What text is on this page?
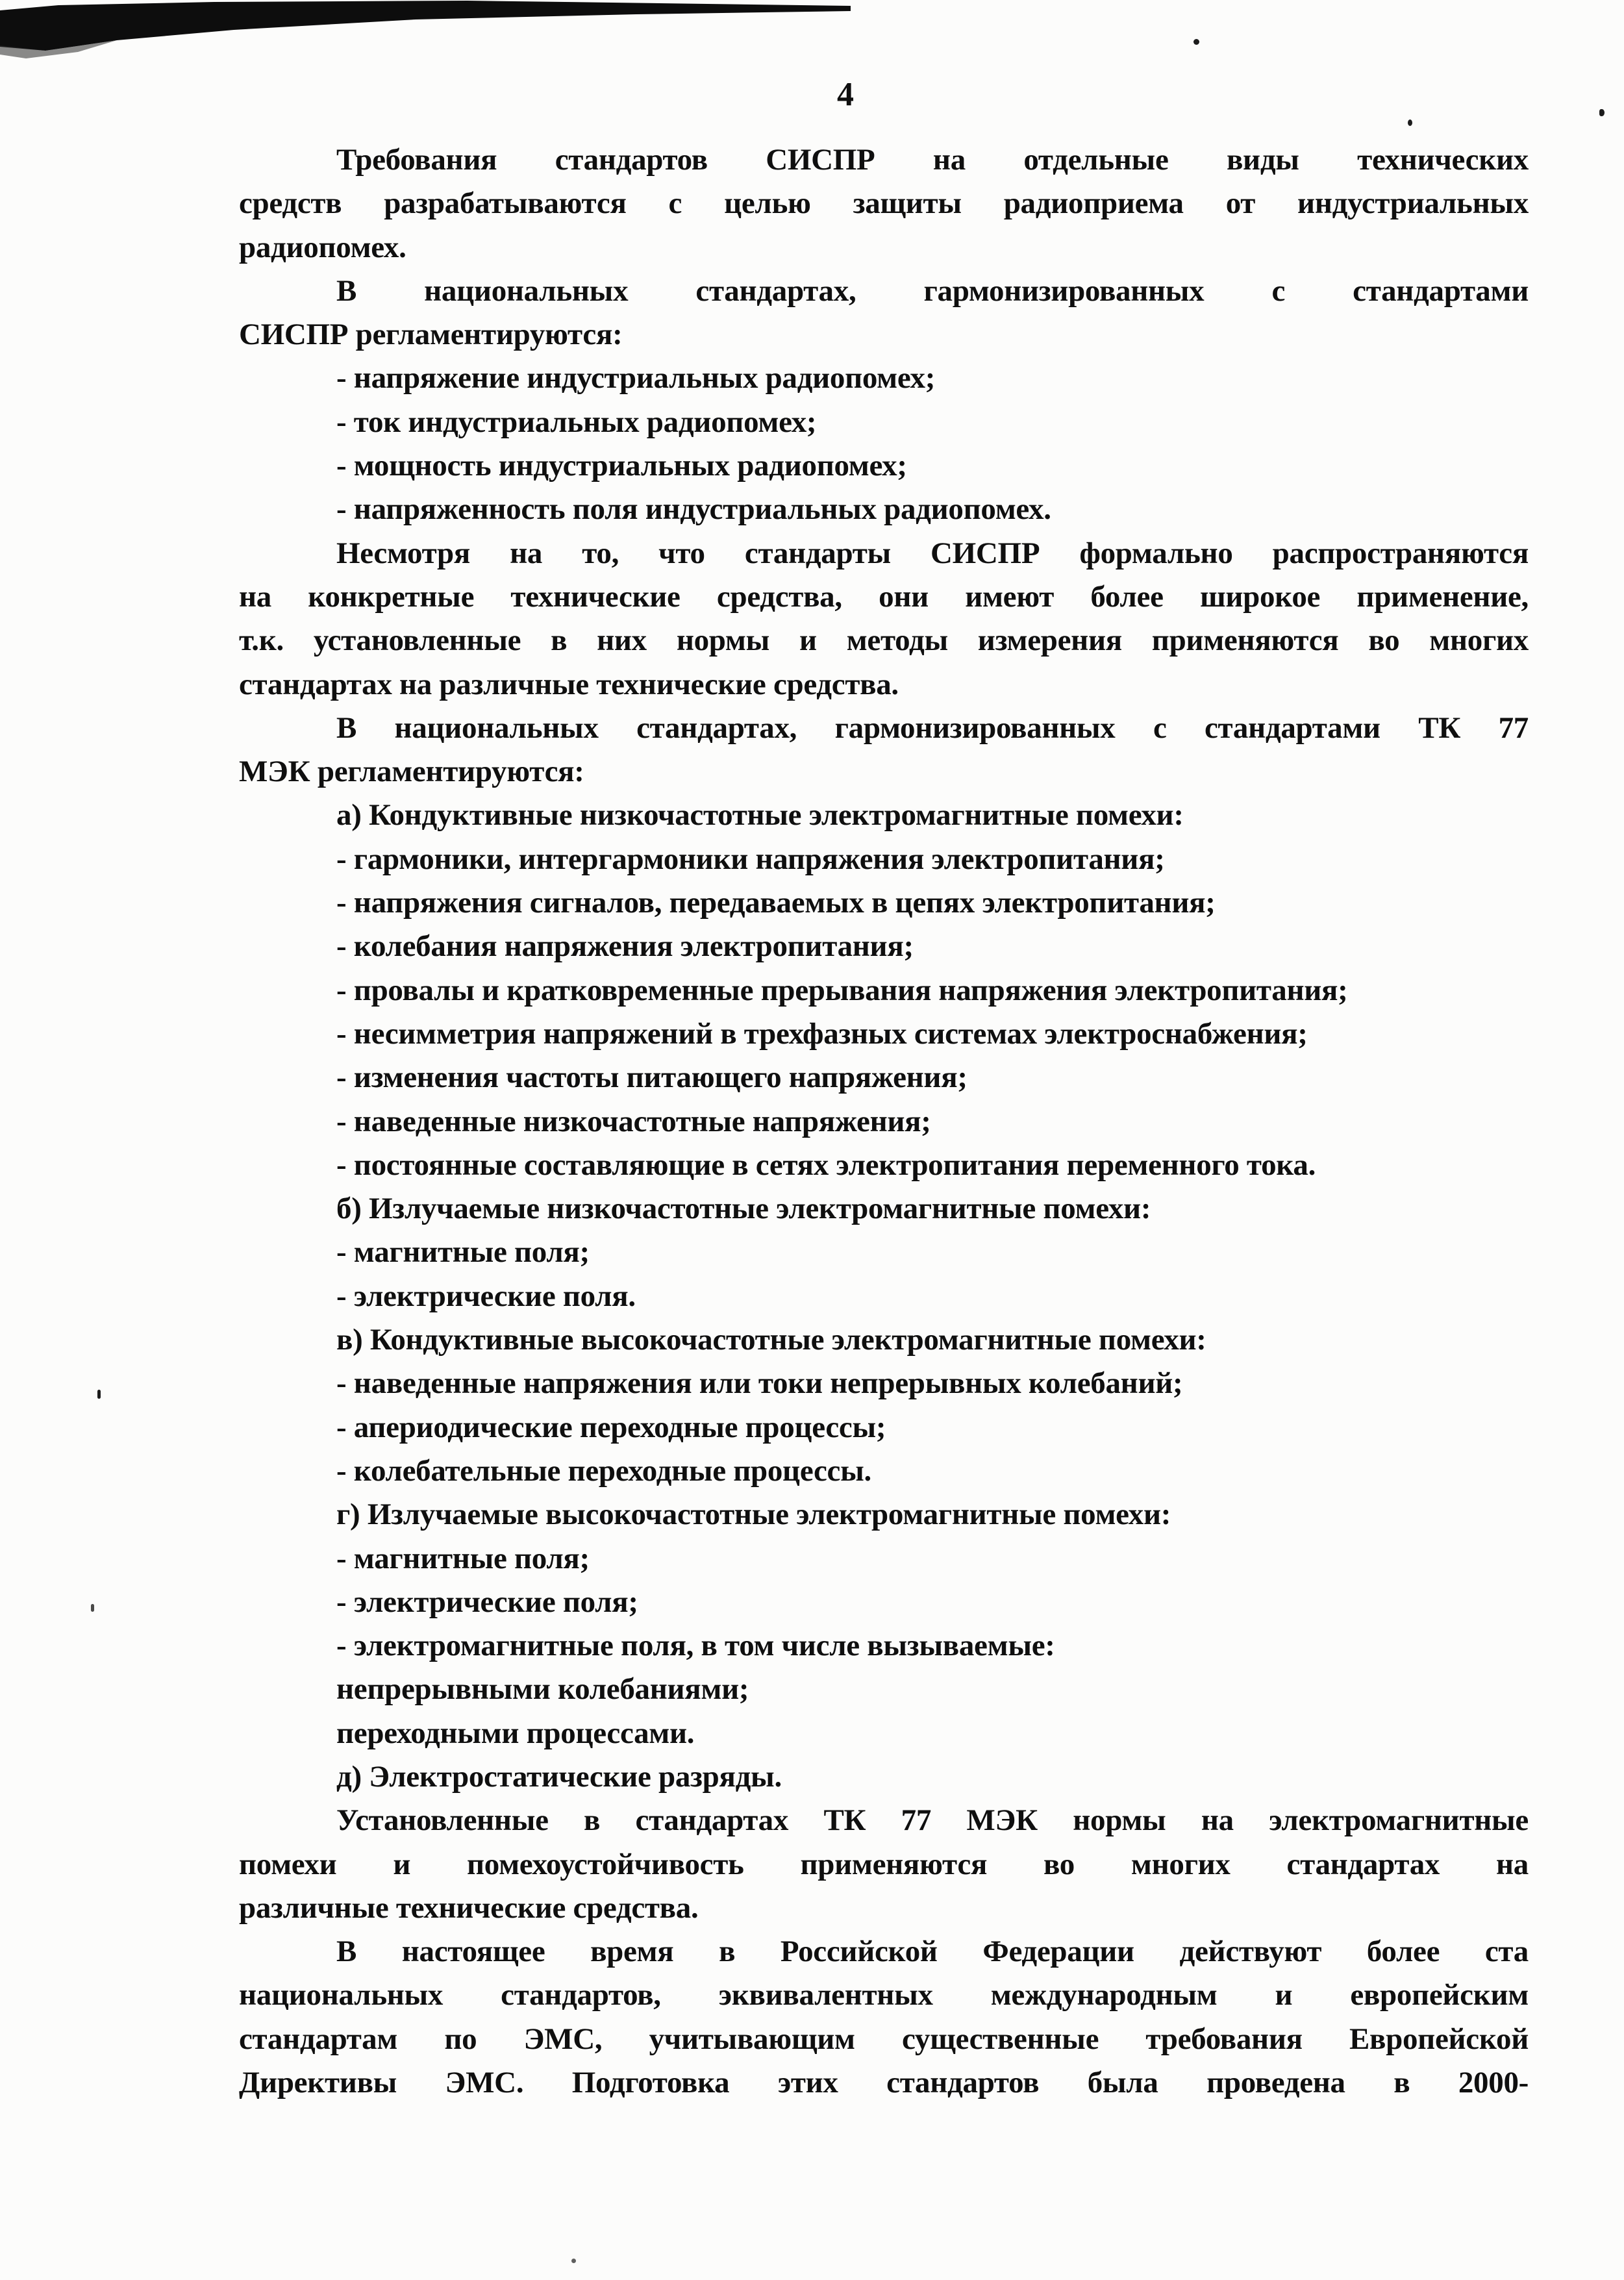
4
Требования стандартов СИСПР на отдельные виды технических
средств разрабатываются с целью защиты радиоприема от индустриальных
радиопомех.
В национальных стандартах, гармонизированных с стандартами
СИСПР регламентируются:
- напряжение индустриальных радиопомех;
- ток индустриальных радиопомех;
- мощность индустриальных радиопомех;
- напряженность поля индустриальных радиопомех.
Несмотря на то, что стандарты СИСПР формально распространяются
на конкретные технические средства, они имеют более широкое применение,
т.к. установленные в них нормы и методы измерения применяются во многих
стандартах на различные технические средства.
В национальных стандартах, гармонизированных с стандартами ТК 77
МЭК регламентируются:
а) Кондуктивные низкочастотные электромагнитные помехи:
- гармоники, интергармоники напряжения электропитания;
- напряжения сигналов, передаваемых в цепях электропитания;
- колебания напряжения электропитания;
- провалы и кратковременные прерывания напряжения электропитания;
- несимметрия напряжений в трехфазных системах электроснабжения;
- изменения частоты питающего напряжения;
- наведенные низкочастотные напряжения;
- постоянные составляющие в сетях электропитания переменного тока.
б) Излучаемые низкочастотные электромагнитные помехи:
- магнитные поля;
- электрические поля.
в) Кондуктивные высокочастотные электромагнитные помехи:
- наведенные напряжения или токи непрерывных колебаний;
- апериодические переходные процессы;
- колебательные переходные процессы.
г) Излучаемые высокочастотные электромагнитные помехи:
- магнитные поля;
- электрические поля;
- электромагнитные поля, в том числе вызываемые:
непрерывными колебаниями;
переходными процессами.
д) Электростатические разряды.
Установленные в стандартах ТК 77 МЭК нормы на электромагнитные
помехи и помехоустойчивость применяются во многих стандартах на
различные технические средства.
В настоящее время в Российской Федерации действуют более ста
национальных стандартов, эквивалентных международным и европейским
стандартам по ЭМС, учитывающим существенные требования Европейской
Директивы ЭМС. Подготовка этих стандартов была проведена в 2000-
